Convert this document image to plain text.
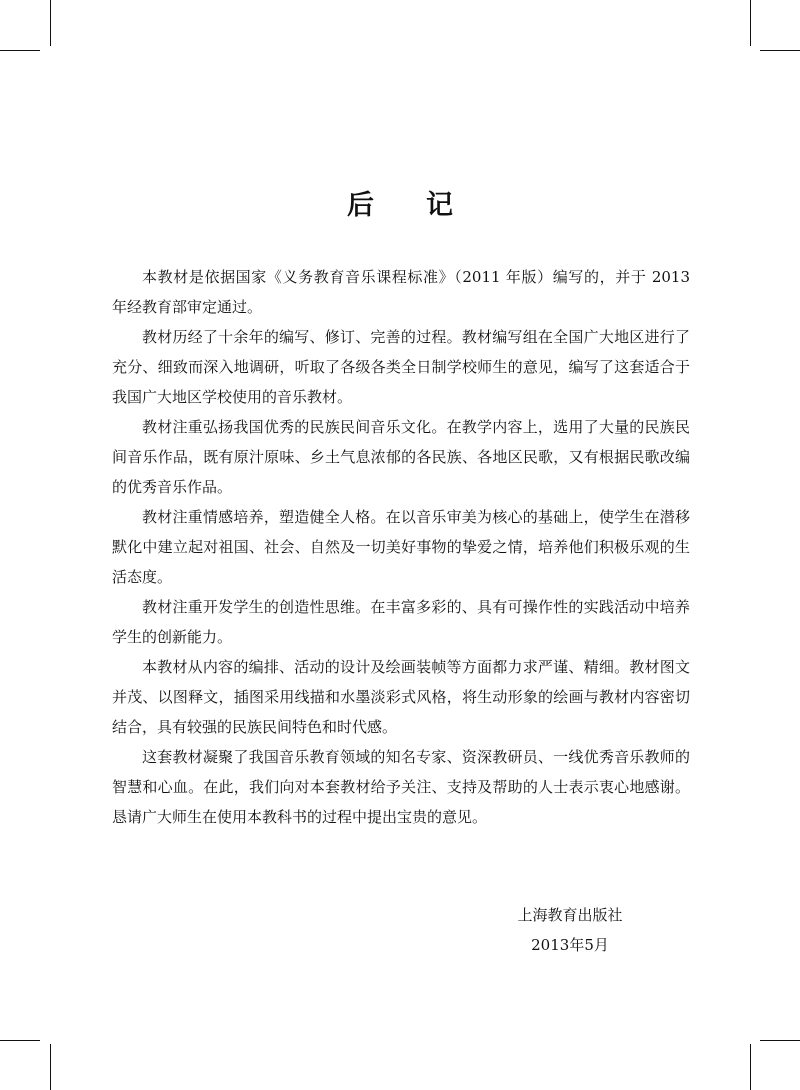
后 记

本教材是依据国家《义务教育音乐课程标准》（2011 年版）编写的，并于 2013 年经教育部审定通过。

教材历经了十余年的编写、修订、完善的过程。教材编写组在全国广大地区进行了充分、细致而深入地调研，听取了各级各类全日制学校师生的意见，编写了这套适合于我国广大地区学校使用的音乐教材。

教材注重弘扬我国优秀的民族民间音乐文化。在教学内容上，选用了大量的民族民间音乐作品，既有原汁原味、乡土气息浓郁的各民族、各地区民歌，又有根据民歌改编的优秀音乐作品。

教材注重情感培养，塑造健全人格。在以音乐审美为核心的基础上，使学生在潜移默化中建立起对祖国、社会、自然及一切美好事物的挚爱之情，培养他们积极乐观的生活态度。

教材注重开发学生的创造性思维。在丰富多彩的、具有可操作性的实践活动中培养学生的创新能力。

本教材从内容的编排、活动的设计及绘画装帧等方面都力求严谨、精细。教材图文并茂、以图释文，插图采用线描和水墨淡彩式风格，将生动形象的绘画与教材内容密切结合，具有较强的民族民间特色和时代感。

这套教材凝聚了我国音乐教育领域的知名专家、资深教研员、一线优秀音乐教师的智慧和心血。在此，我们向对本套教材给予关注、支持及帮助的人士表示衷心地感谢。恳请广大师生在使用本教科书的过程中提出宝贵的意见。

上海教育出版社
2013年5月
